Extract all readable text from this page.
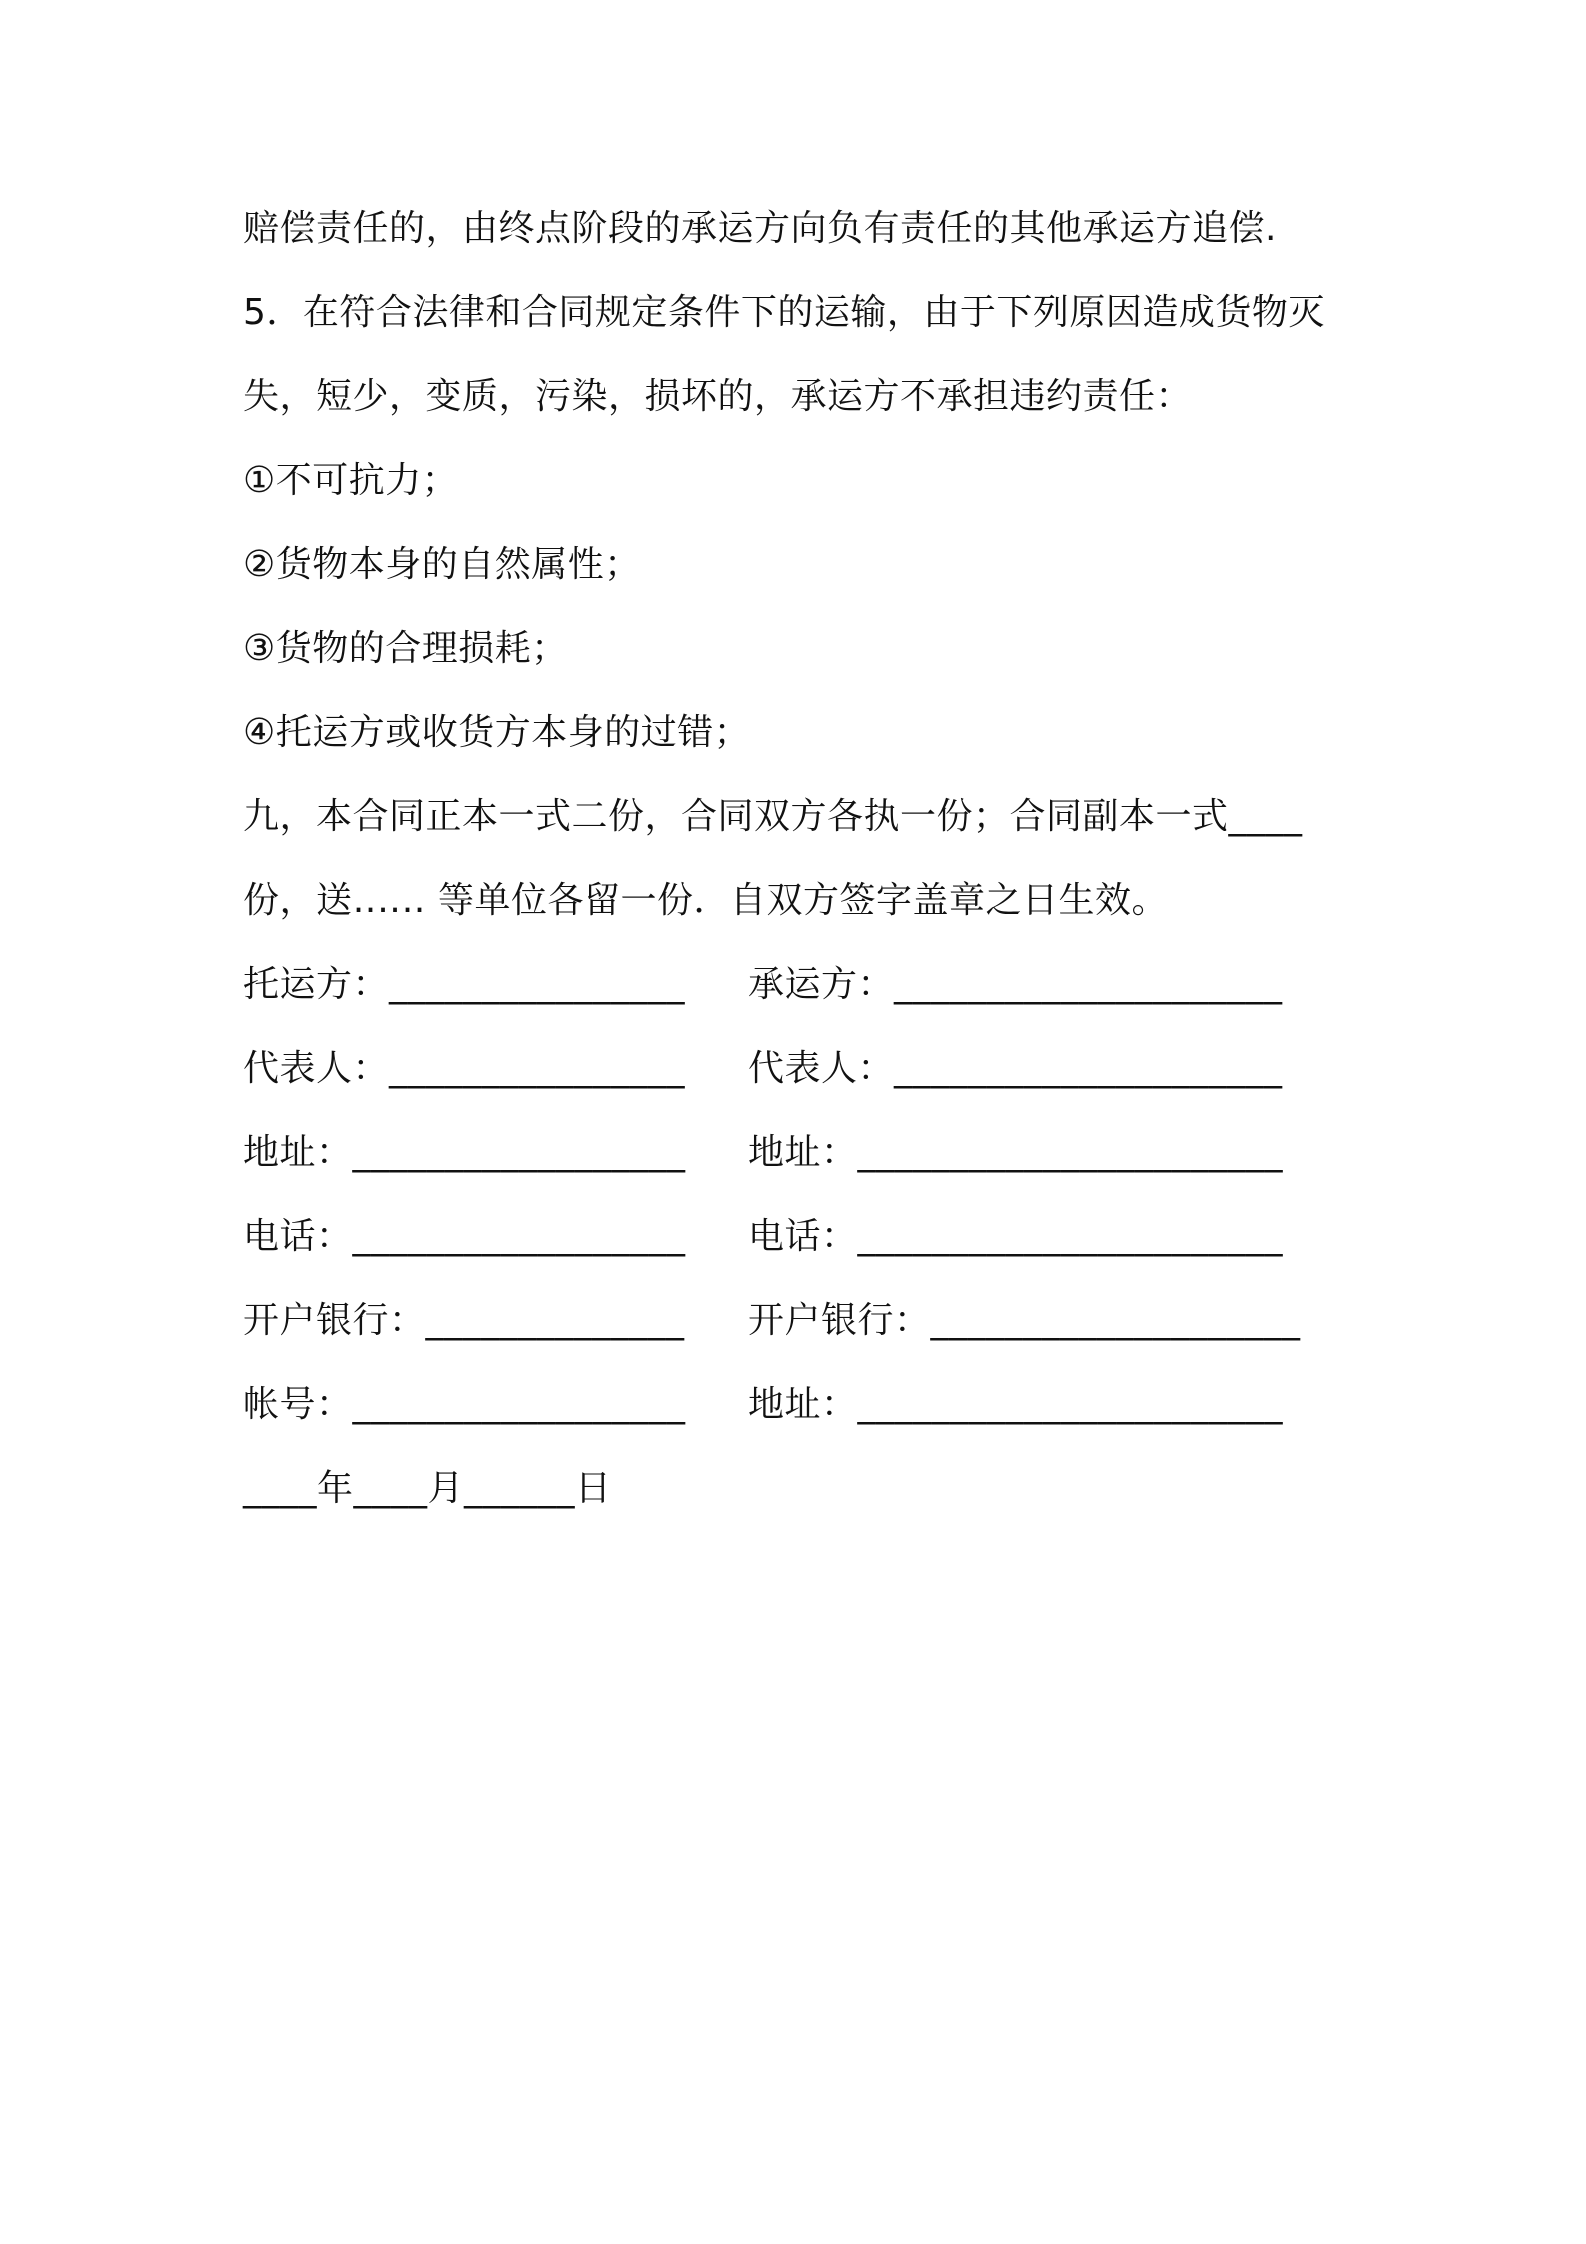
赔偿责任的，由终点阶段的承运方向负有责任的其他承运方追偿.
5．在符合法律和合同规定条件下的运输，由于下列原因造成货物灭
失，短少，变质，污染，损坏的，承运方不承担违约责任：
①不可抗力；
②货物本身的自然属性；
③货物的合理损耗；
④托运方或收货方本身的过错；
九，本合同正本一式二份，合同双方各执一份；合同副本一式____
份，送‥‥‥ 等单位各留一份．自双方签字盖章之日生效。
托运方：________________ 承运方：_____________________
代表人：________________ 代表人：_____________________
地址：__________________ 地址：_______________________
电话：__________________ 电话：_______________________
开户银行：______________ 开户银行：____________________
帐号：__________________ 地址：_______________________
____年____月______日
